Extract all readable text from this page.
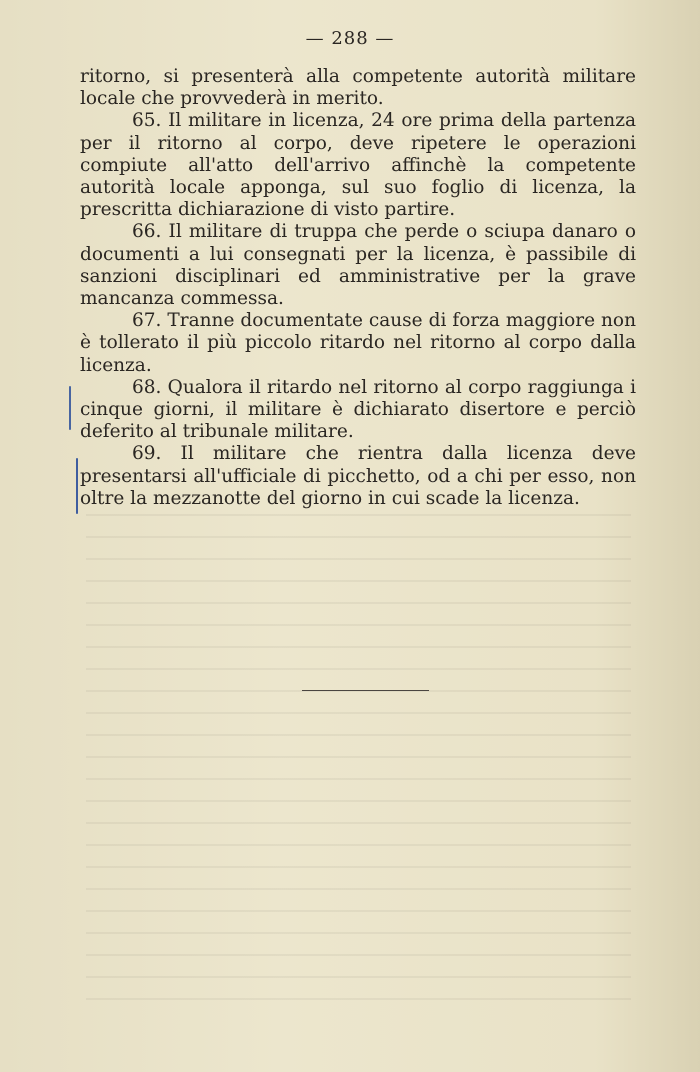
— 288 —

ritorno, si presenterà alla competente autorità militare locale che provvederà in merito.

65. Il militare in licenza, 24 ore prima della partenza per il ritorno al corpo, deve ripetere le operazioni compiute all'atto dell'arrivo affinchè la competente autorità locale apponga, sul suo foglio di licenza, la prescritta dichiarazione di visto partire.

66. Il militare di truppa che perde o sciupa danaro o documenti a lui consegnati per la licenza, è passibile di sanzioni disciplinari ed amministrative per la grave mancanza commessa.

67. Tranne documentate cause di forza maggiore non è tollerato il più piccolo ritardo nel ritorno al corpo dalla licenza.

68. Qualora il ritardo nel ritorno al corpo raggiunga i cinque giorni, il militare è dichiarato disertore e perciò deferito al tribunale militare.

69. Il militare che rientra dalla licenza deve presentarsi all'ufficiale di picchetto, od a chi per esso, non oltre la mezzanotte del giorno in cui scade la licenza.
